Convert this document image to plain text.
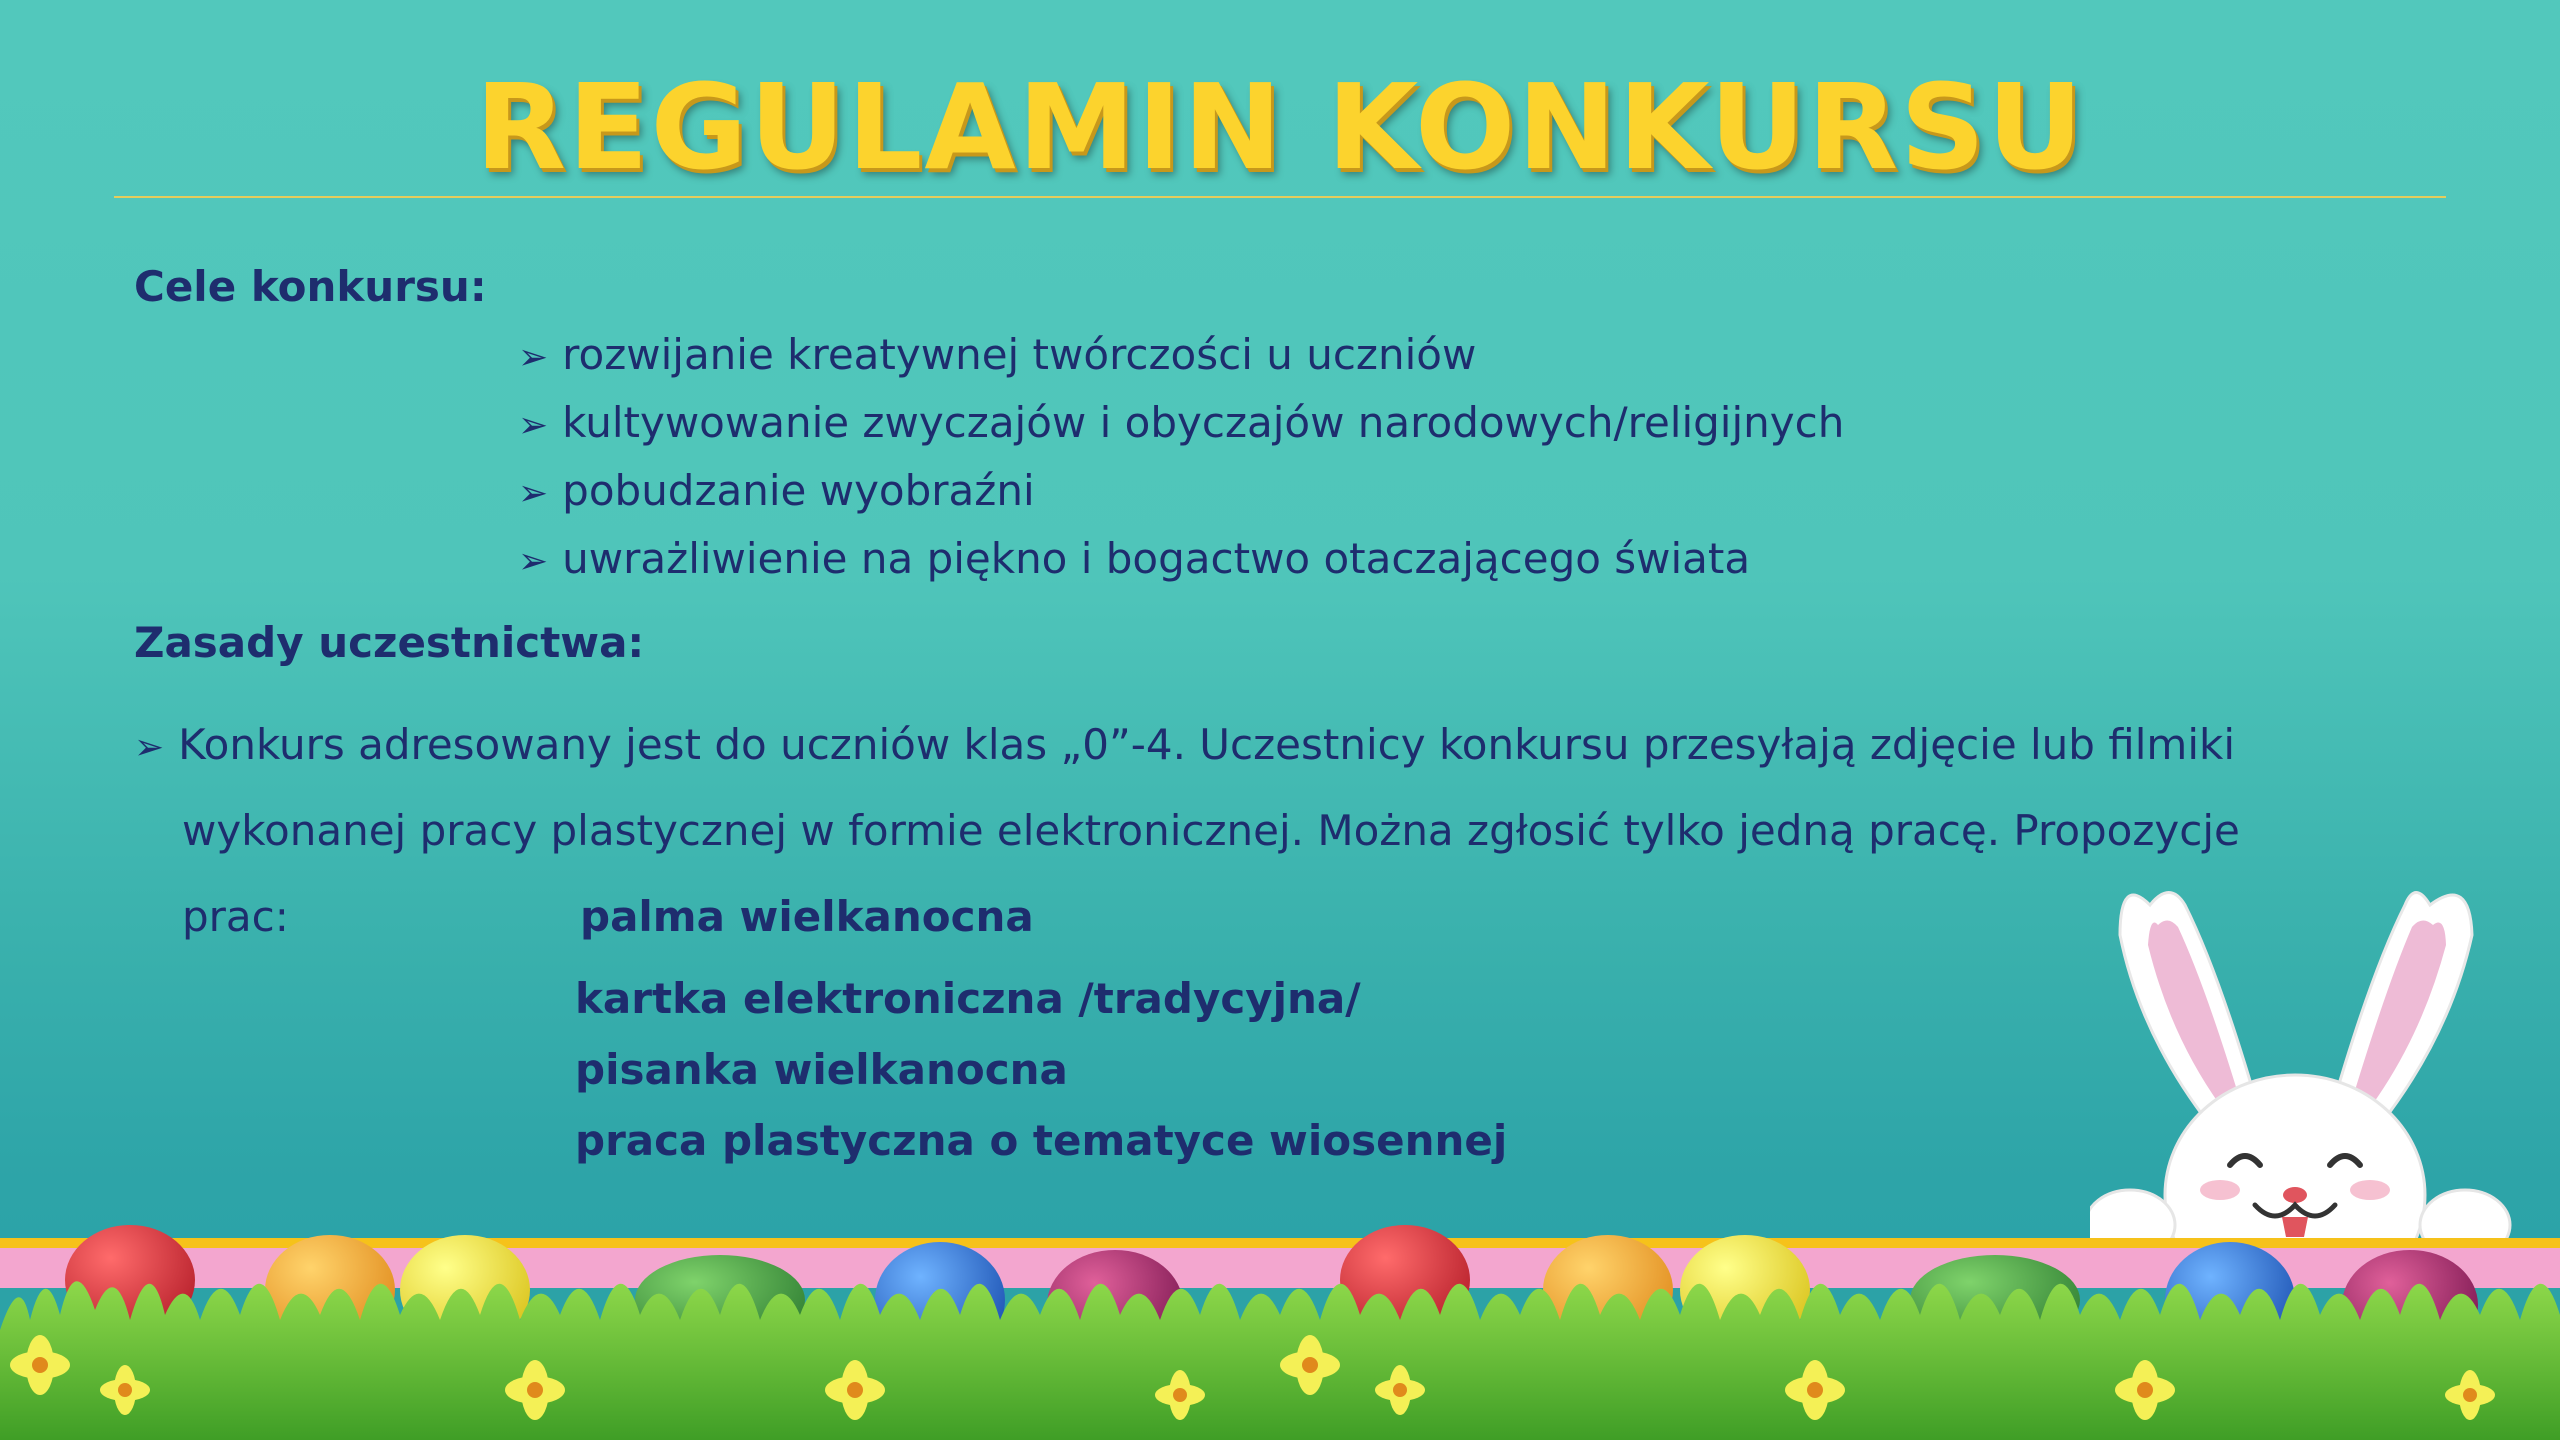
REGULAMIN KONKURSU
Cele konkursu:
➢ rozwijanie kreatywnej twórczości u uczniów
➢ kultywowanie zwyczajów i obyczajów narodowych/religijnych
➢ pobudzanie wyobraźni
➢ uwrażliwienie na piękno i bogactwo otaczającego świata
Zasady uczestnictwa:
➢ Konkurs adresowany jest do uczniów klas „0”-4. Uczestnicy konkursu przesyłają zdjęcie lub filmiki
wykonanej pracy plastycznej w formie elektronicznej. Można zgłosić tylko jedną pracę. Propozycje
prac:	palma wielkanocna
kartka elektroniczna /tradycyjna/
pisanka wielkanocna
praca plastyczna o tematyce wiosennej
